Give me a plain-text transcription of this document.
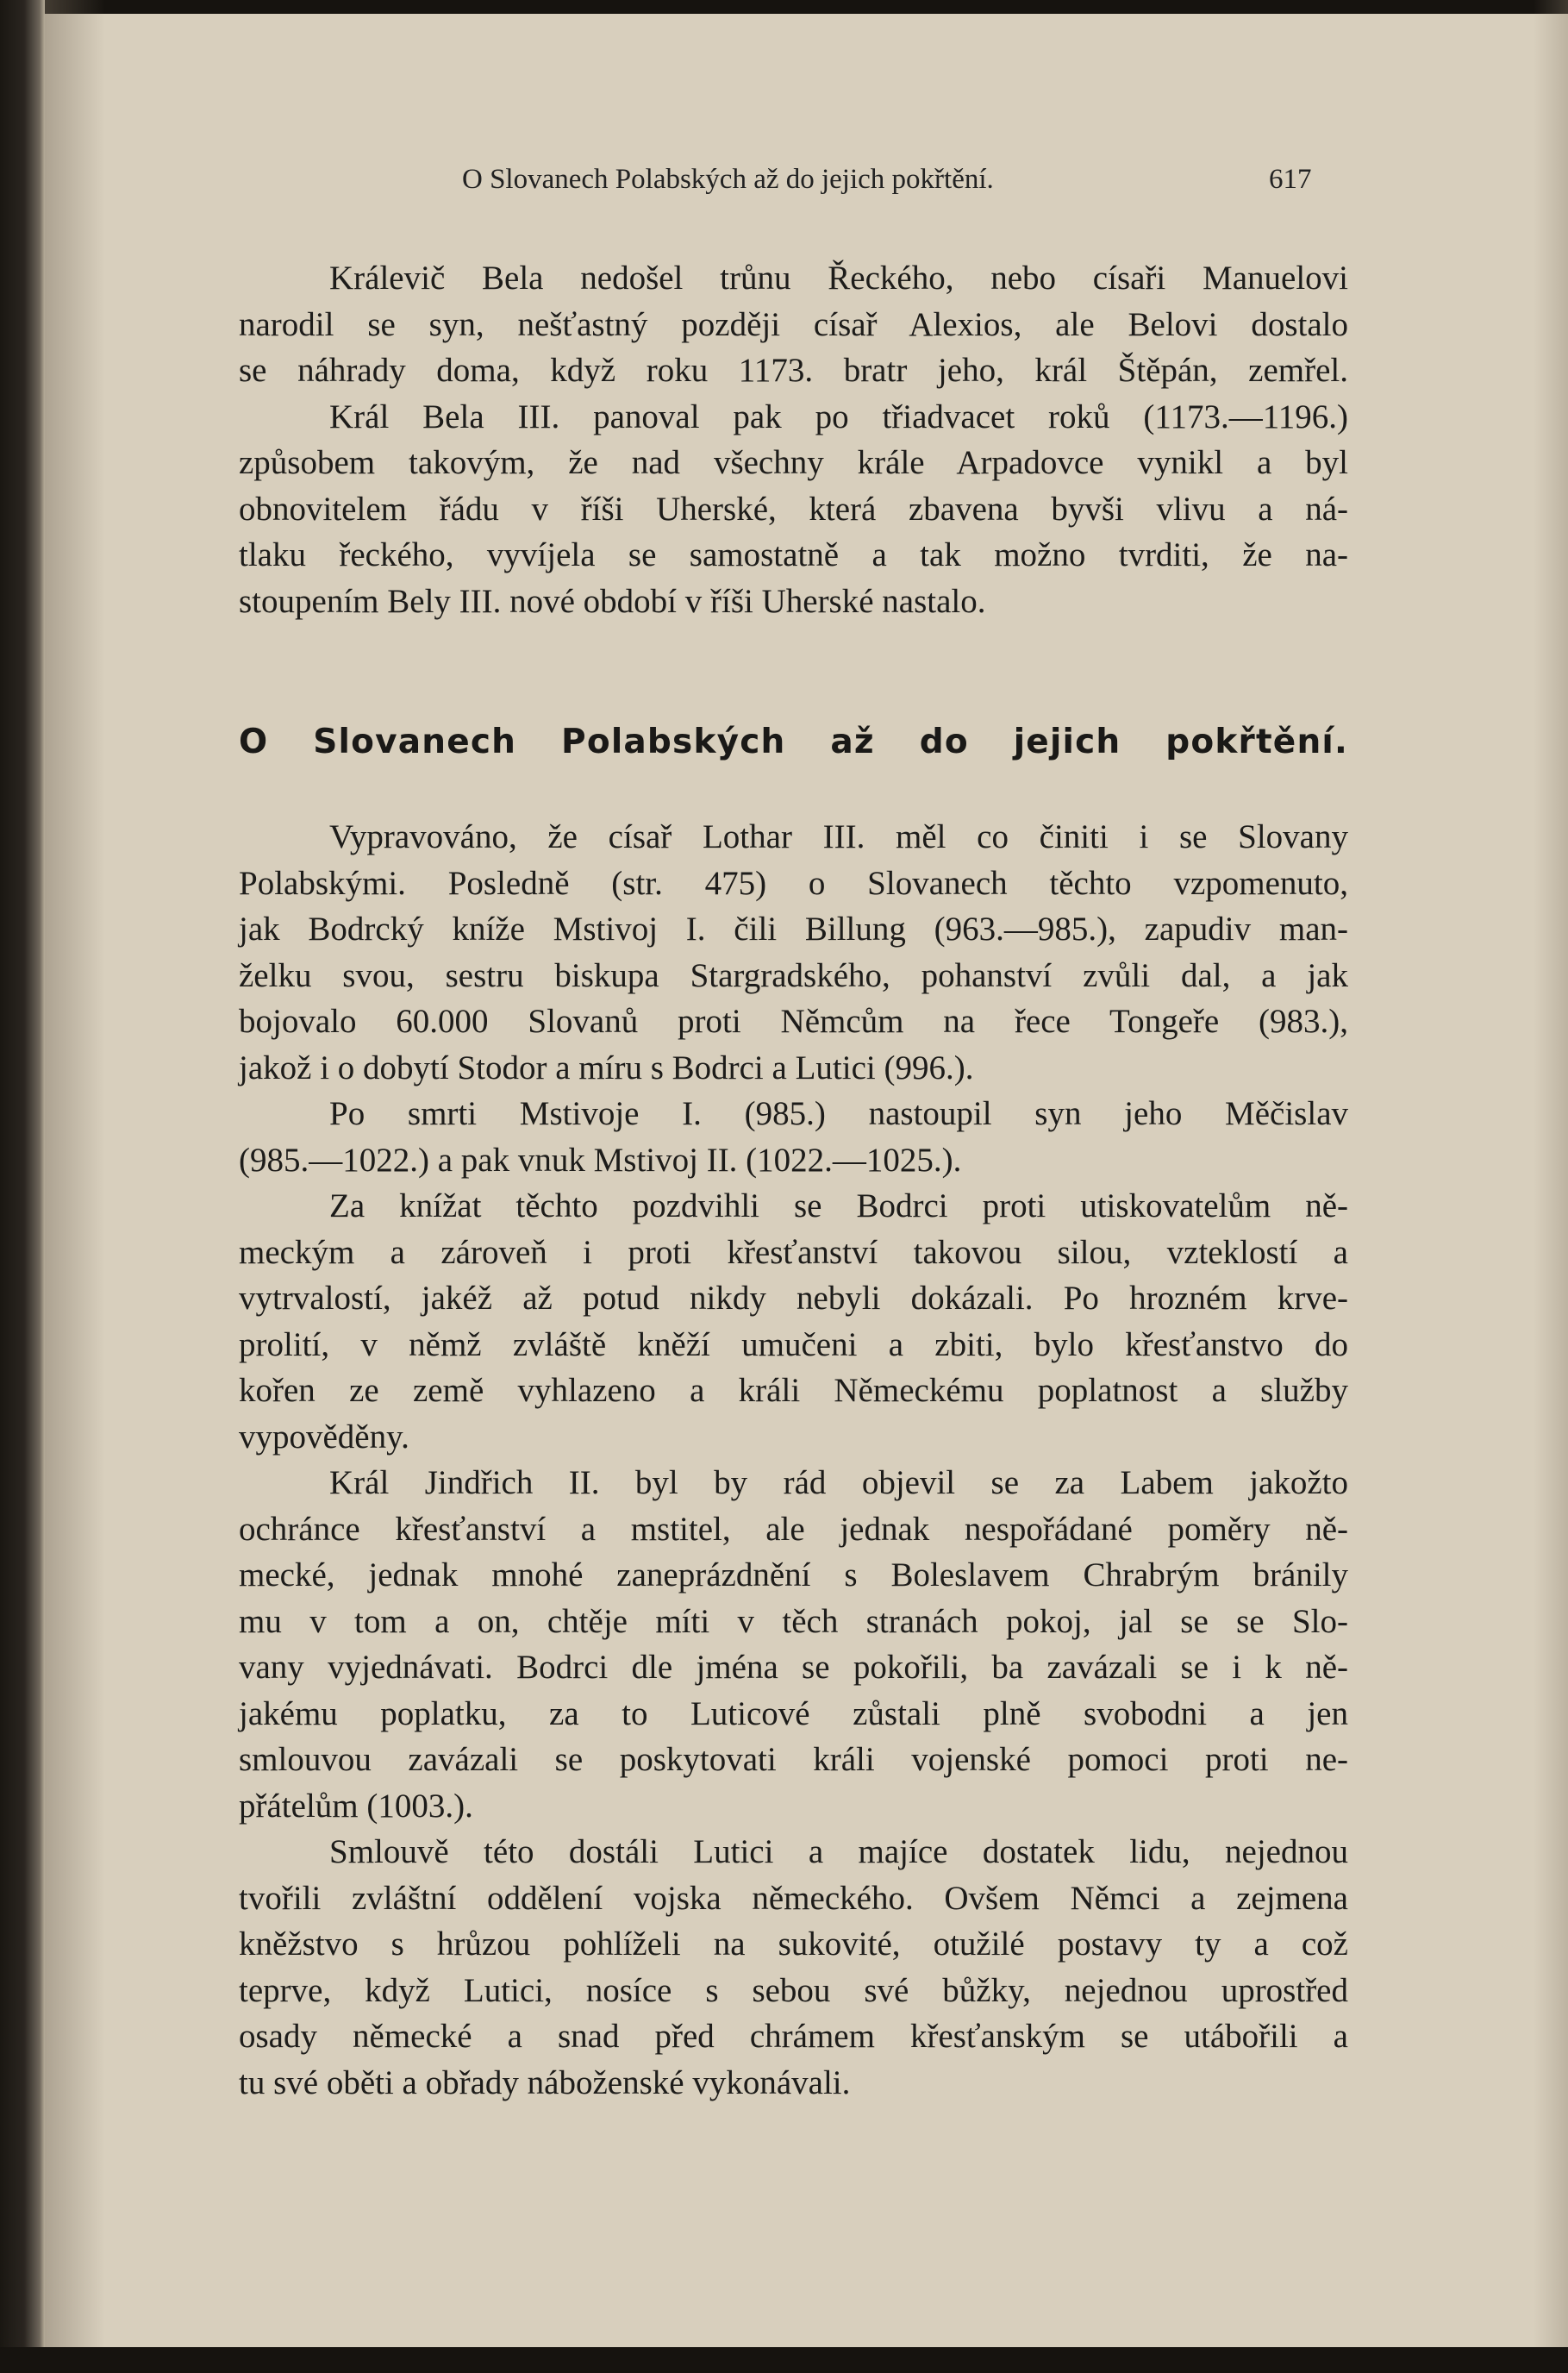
O Slovanech Polabských až do jejich pokřtění.	617
Králevič Bela nedošel trůnu Řeckého, nebo císaři Manuelovi
narodil se syn, nešťastný později císař Alexios, ale Belovi dostalo
se náhrady doma, když roku 1173. bratr jeho, král Štěpán, zemřel.
Král Bela III. panoval pak po třiadvacet roků (1173.—1196.)
způsobem takovým, že nad všechny krále Arpadovce vynikl a byl
obnovitelem řádu v říši Uherské, která zbavena byvši vlivu a ná-
tlaku řeckého, vyvíjela se samostatně a tak možno tvrditi, že na-
stoupením Bely III. nové období v říši Uherské nastalo.
O Slovanech Polabských až do jejich pokřtění.
Vypravováno, že císař Lothar III. měl co činiti i se Slovany
Polabskými. Posledně (str. 475) o Slovanech těchto vzpomenuto,
jak Bodrcký kníže Mstivoj I. čili Billung (963.—985.), zapudiv man-
želku svou, sestru biskupa Stargradského, pohanství zvůli dal, a jak
bojovalo 60.000 Slovanů proti Němcům na řece Tongeře (983.),
jakož i o dobytí Stodor a míru s Bodrci a Lutici (996.).
Po smrti Mstivoje I. (985.) nastoupil syn jeho Měčislav
(985.—1022.) a pak vnuk Mstivoj II. (1022.—1025.).
Za knížat těchto pozdvihli se Bodrci proti utiskovatelům ně-
meckým a zároveň i proti křesťanství takovou silou, vzteklostí a
vytrvalostí, jakéž až potud nikdy nebyli dokázali. Po hrozném krve-
prolití, v němž zvláště kněží umučeni a zbiti, bylo křesťanstvo do
kořen ze země vyhlazeno a králi Německému poplatnost a služby
vypověděny.
Král Jindřich II. byl by rád objevil se za Labem jakožto
ochránce křesťanství a mstitel, ale jednak nespořádané poměry ně-
mecké, jednak mnohé zaneprázdnění s Boleslavem Chrabrým bránily
mu v tom a on, chtěje míti v těch stranách pokoj, jal se se Slo-
vany vyjednávati. Bodrci dle jména se pokořili, ba zavázali se i k ně-
jakému poplatku, za to Luticové zůstali plně svobodni a jen
smlouvou zavázali se poskytovati králi vojenské pomoci proti ne-
přátelům (1003.).
Smlouvě této dostáli Lutici a majíce dostatek lidu, nejednou
tvořili zvláštní oddělení vojska německého. Ovšem Němci a zejmena
kněžstvo s hrůzou pohlíželi na sukovité, otužilé postavy ty a což
teprve, když Lutici, nosíce s sebou své bůžky, nejednou uprostřed
osady německé a snad před chrámem křesťanským se utábořili a
tu své oběti a obřady náboženské vykonávali.
